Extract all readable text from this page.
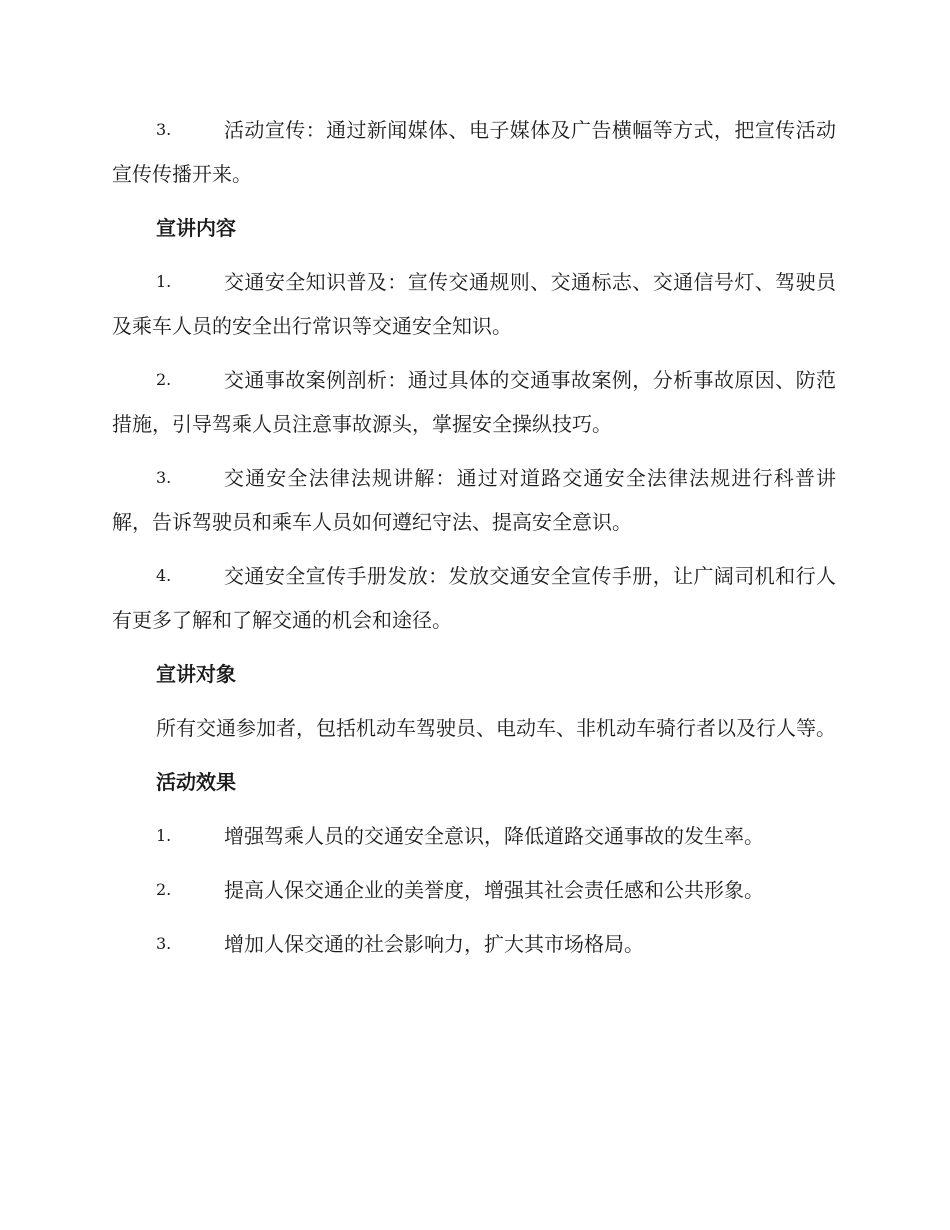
3.	活动宣传：通过新闻媒体、电子媒体及广告横幅等方式，把宣传活动宣传传播开来。
宣讲内容
1.	交通安全知识普及：宣传交通规则、交通标志、交通信号灯、驾驶员及乘车人员的安全出行常识等交通安全知识。
2.	交通事故案例剖析：通过具体的交通事故案例，分析事故原因、防范措施，引导驾乘人员注意事故源头，掌握安全操纵技巧。
3.	交通安全法律法规讲解：通过对道路交通安全法律法规进行科普讲解，告诉驾驶员和乘车人员如何遵纪守法、提高安全意识。
4.	交通安全宣传手册发放：发放交通安全宣传手册，让广阔司机和行人有更多了解和了解交通的机会和途径。
宣讲对象

所有交通参加者，包括机动车驾驶员、电动车、非机动车骑行者以及行人等。

活动效果
1.	增强驾乘人员的交通安全意识，降低道路交通事故的发生率。
2.	提高人保交通企业的美誉度，增强其社会责任感和公共形象。
3.	增加人保交通的社会影响力，扩大其市场格局。
